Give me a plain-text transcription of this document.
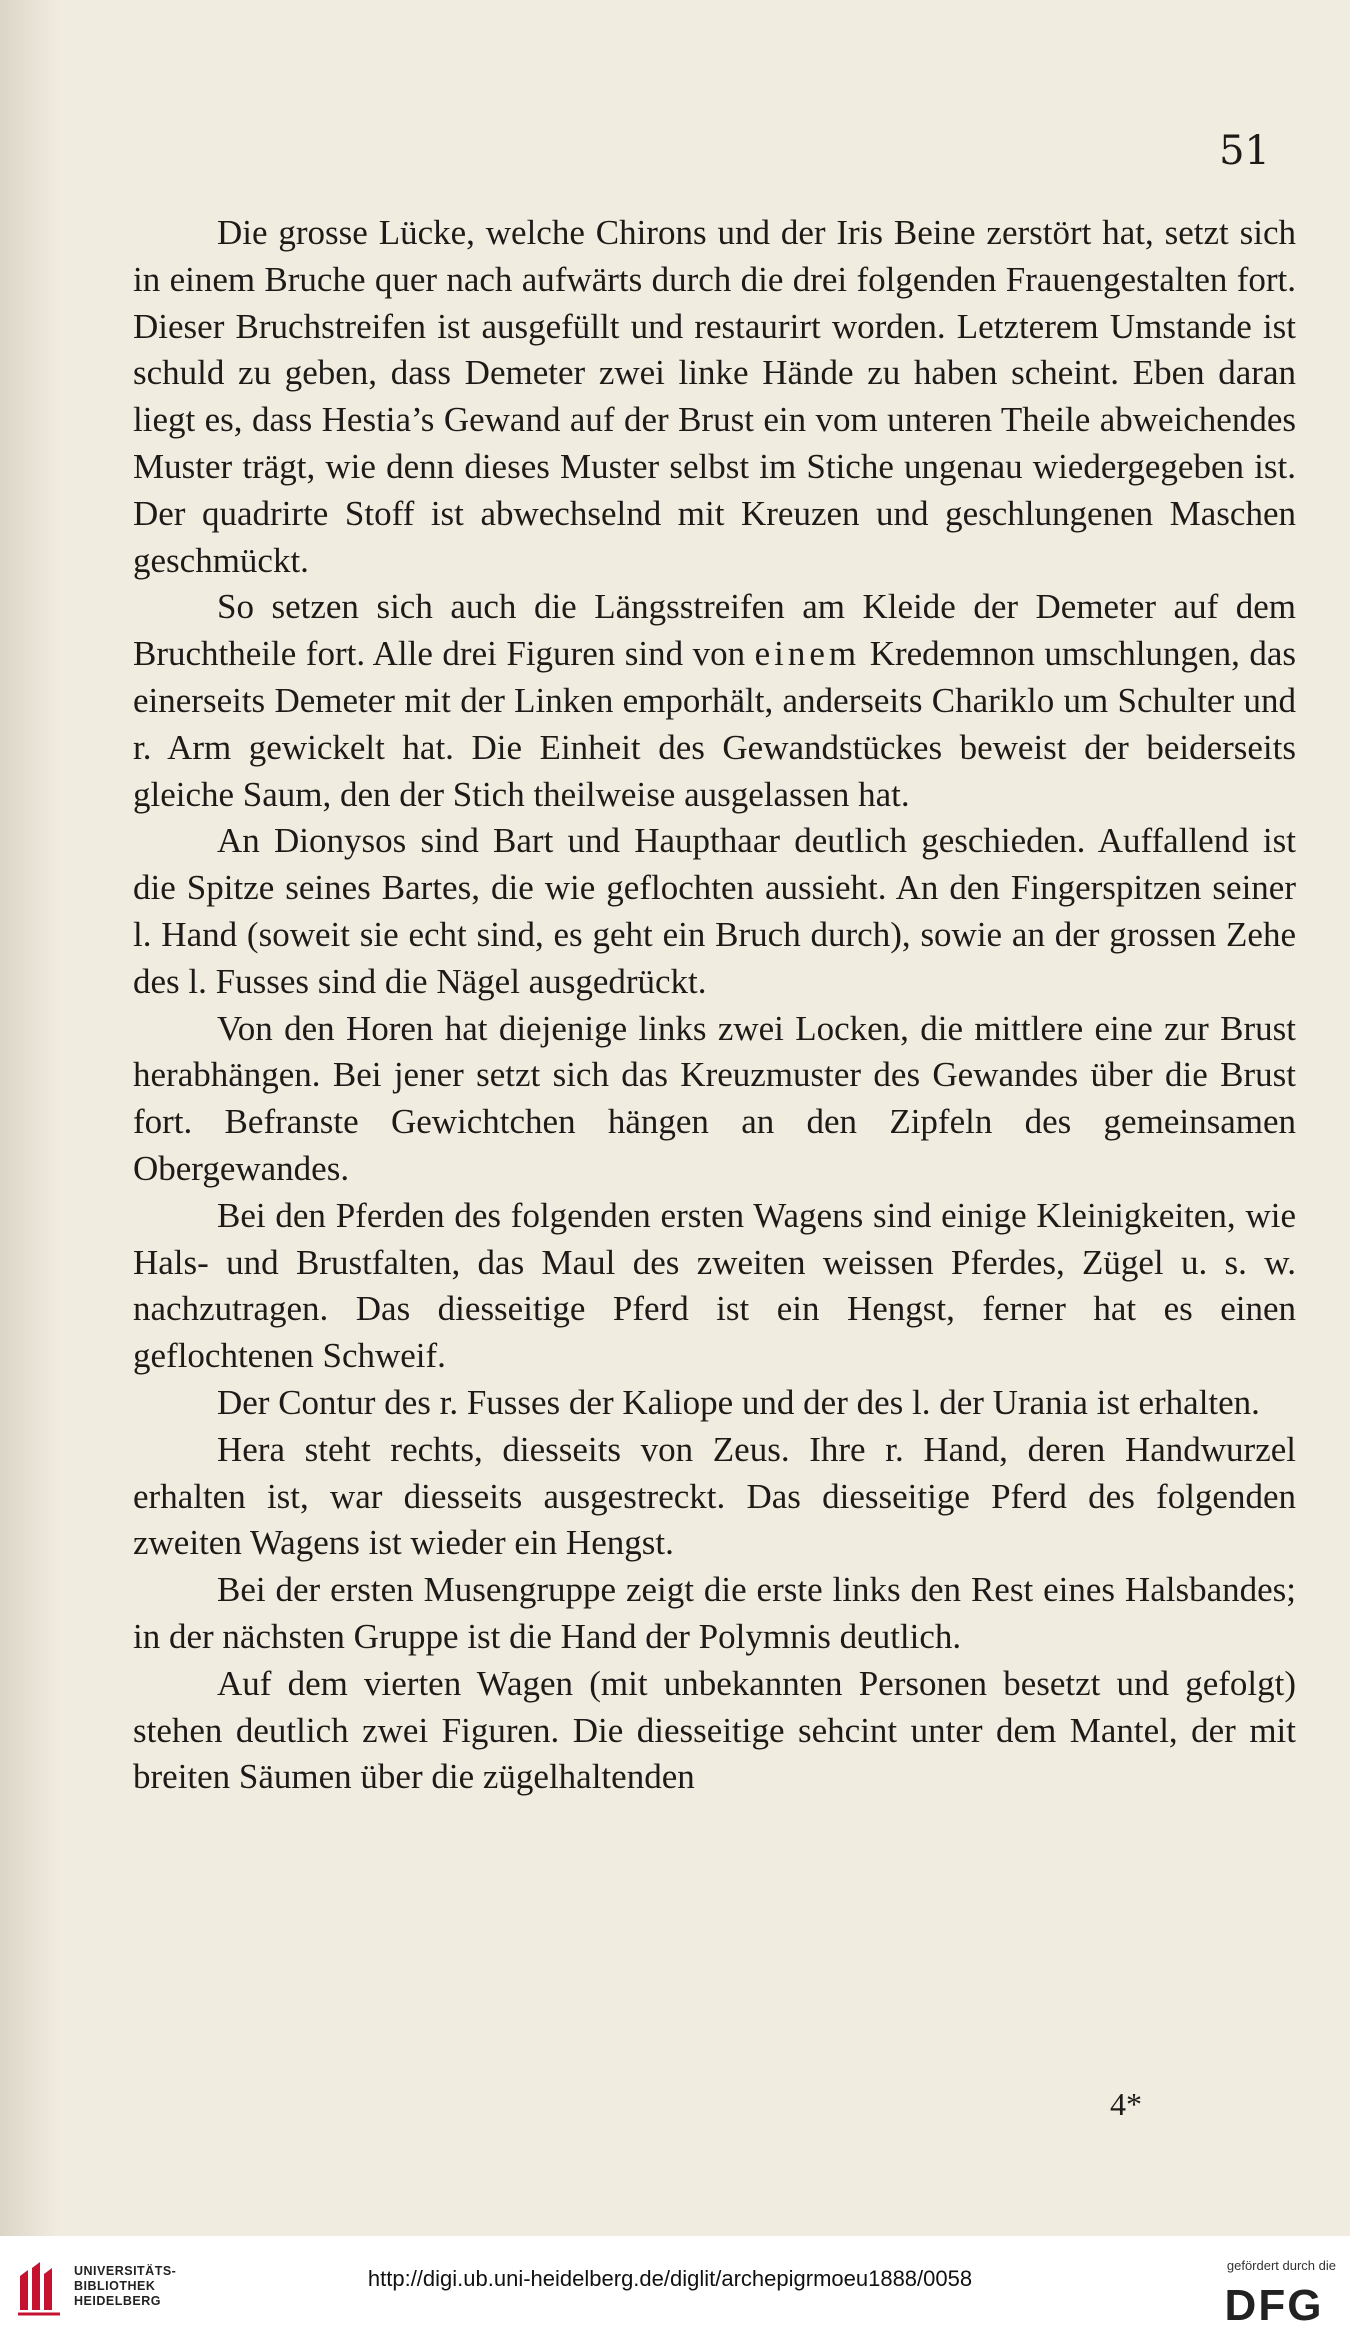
51

Die grosse Lücke, welche Chirons und der Iris Beine zerstört hat, setzt sich in einem Bruche quer nach aufwärts durch die drei folgenden Frauengestalten fort. Dieser Bruchstreifen ist ausgefüllt und restaurirt worden. Letzterem Umstande ist schuld zu geben, dass Demeter zwei linke Hände zu haben scheint. Eben daran liegt es, dass Hestia’s Gewand auf der Brust ein vom unteren Theile abweichendes Muster trägt, wie denn dieses Muster selbst im Stiche ungenau wiedergegeben ist. Der quadrirte Stoff ist abwechselnd mit Kreuzen und geschlungenen Maschen geschmückt.

So setzen sich auch die Längsstreifen am Kleide der Demeter auf dem Bruchtheile fort. Alle drei Figuren sind von einem Kredemnon umschlungen, das einerseits Demeter mit der Linken emporhält, anderseits Chariklo um Schulter und r. Arm gewickelt hat. Die Einheit des Gewandstückes beweist der beiderseits gleiche Saum, den der Stich theilweise ausgelassen hat.

An Dionysos sind Bart und Haupthaar deutlich geschieden. Auffallend ist die Spitze seines Bartes, die wie geflochten aussieht. An den Fingerspitzen seiner l. Hand (soweit sie echt sind, es geht ein Bruch durch), sowie an der grossen Zehe des l. Fusses sind die Nägel ausgedrückt.

Von den Horen hat diejenige links zwei Locken, die mittlere eine zur Brust herabhängen. Bei jener setzt sich das Kreuzmuster des Gewandes über die Brust fort. Befranste Gewichtchen hängen an den Zipfeln des gemeinsamen Obergewandes.

Bei den Pferden des folgenden ersten Wagens sind einige Kleinigkeiten, wie Hals- und Brustfalten, das Maul des zweiten weissen Pferdes, Zügel u. s. w. nachzutragen. Das diesseitige Pferd ist ein Hengst, ferner hat es einen geflochtenen Schweif.

Der Contur des r. Fusses der Kaliope und der des l. der Urania ist erhalten.

Hera steht rechts, diesseits von Zeus. Ihre r. Hand, deren Handwurzel erhalten ist, war diesseits ausgestreckt. Das diesseitige Pferd des folgenden zweiten Wagens ist wieder ein Hengst.

Bei der ersten Musengruppe zeigt die erste links den Rest eines Halsbandes; in der nächsten Gruppe ist die Hand der Polymnis deutlich.

Auf dem vierten Wagen (mit unbekannten Personen besetzt und gefolgt) stehen deutlich zwei Figuren. Die diesseitige sehcint unter dem Mantel, der mit breiten Säumen über die zügelhaltenden

4*
UNIVERSITÄTS-
BIBLIOTHEK
HEIDELBERG
http://digi.ub.uni-heidelberg.de/diglit/archepigrmoeu1888/0058
gefördert durch die
DFG
